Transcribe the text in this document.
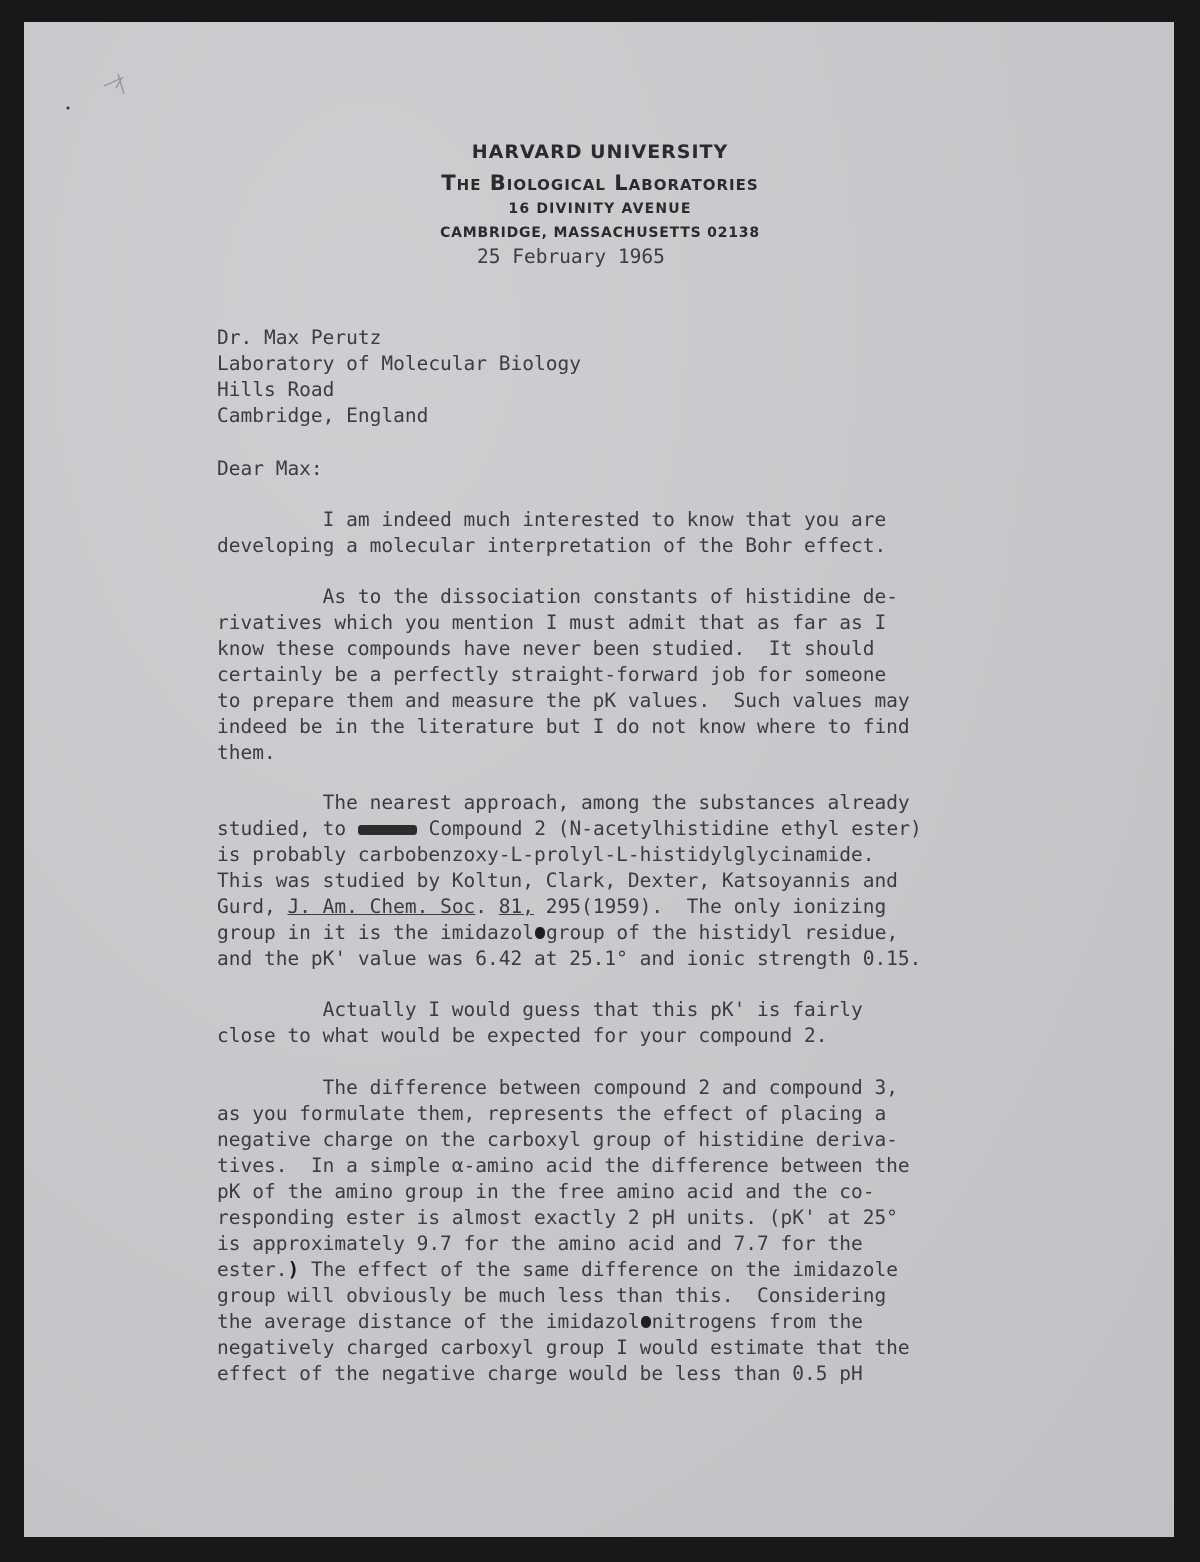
HARVARD UNIVERSITY
The Biological Laboratories
16 DIVINITY AVENUE
CAMBRIDGE, MASSACHUSETTS 02138
25 February 1965
Dr. Max Perutz
Laboratory of Molecular Biology
Hills Road
Cambridge, England
Dear Max:
I am indeed much interested to know that you are
developing a molecular interpretation of the Bohr effect.
As to the dissociation constants of histidine de-
rivatives which you mention I must admit that as far as I
know these compounds have never been studied.  It should
certainly be a perfectly straight-forward job for someone
to prepare them and measure the pK values.  Such values may
indeed be in the literature but I do not know where to find
them.
The nearest approach, among the substances already
studied, to	Compound 2 (N-acetylhistidine ethyl ester)
is probably carbobenzoxy-L-prolyl-L-histidylglycinamide.
This was studied by Koltun, Clark, Dexter, Katsoyannis and
Gurd, J. Am. Chem. Soc. 81, 295(1959).  The only ionizing
group in it is the imidazol group of the histidyl residue,
and the pK' value was 6.42 at 25.1° and ionic strength 0.15.
Actually I would guess that this pK' is fairly
close to what would be expected for your compound 2.
The difference between compound 2 and compound 3,
as you formulate them, represents the effect of placing a
negative charge on the carboxyl group of histidine deriva-
tives.  In a simple α-amino acid the difference between the
pK of the amino group in the free amino acid and the co-
responding ester is almost exactly 2 pH units. (pK' at 25°
is approximately 9.7 for the amino acid and 7.7 for the
ester.) The effect of the same difference on the imidazole
group will obviously be much less than this.  Considering
the average distance of the imidazol nitrogens from the
negatively charged carboxyl group I would estimate that the
effect of the negative charge would be less than 0.5 pH
